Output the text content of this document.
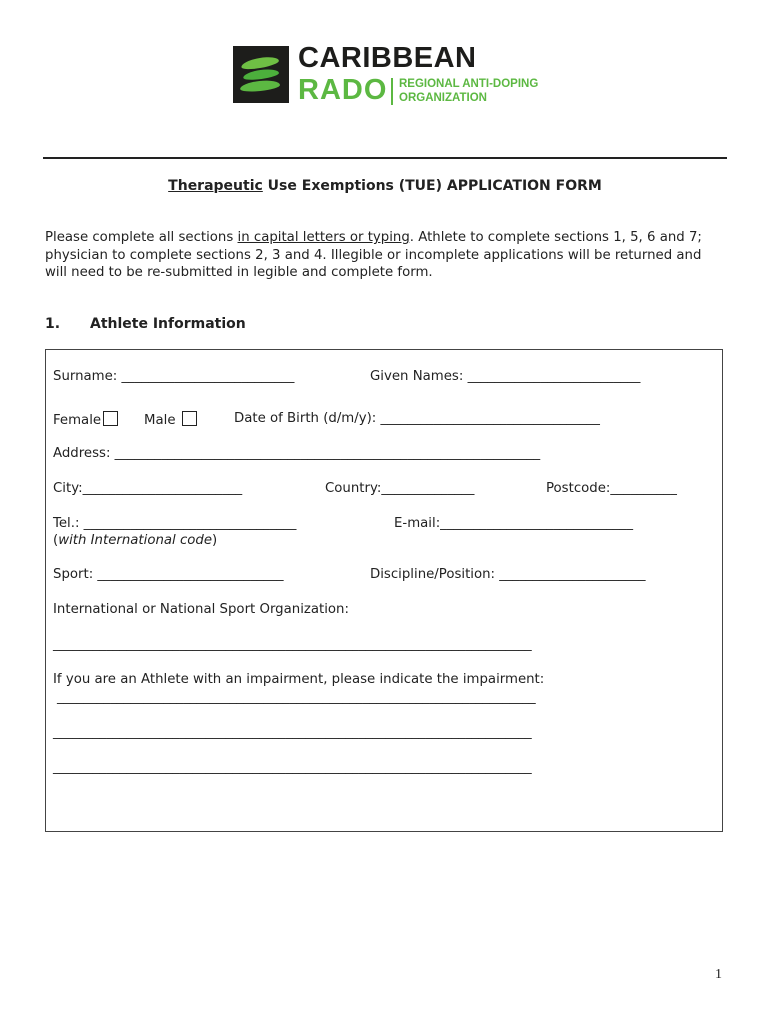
CARIBBEAN
RADO REGIONAL ANTI-DOPING
ORGANIZATION
Therapeutic Use Exemptions (TUE) APPLICATION FORM
Please complete all sections in capital letters or typing. Athlete to complete sections 1, 5, 6 and 7; physician to complete sections 2, 3 and 4. Illegible or incomplete applications will be returned and will need to be re-submitted in legible and complete form.
1. Athlete Information
Surname: __________________________	Given Names: __________________________
Female	Male	Date of Birth (d/m/y): _________________________________
Address: ________________________________________________________________
City:________________________	Country:______________	Postcode:__________
Tel.: ________________________________	E-mail:_____________________________
(with International code)
Sport: ____________________________	Discipline/Position: ______________________
International or National Sport Organization:
________________________________________________________________________
If you are an Athlete with an impairment, please indicate the impairment:
________________________________________________________________________
________________________________________________________________________
________________________________________________________________________
1
